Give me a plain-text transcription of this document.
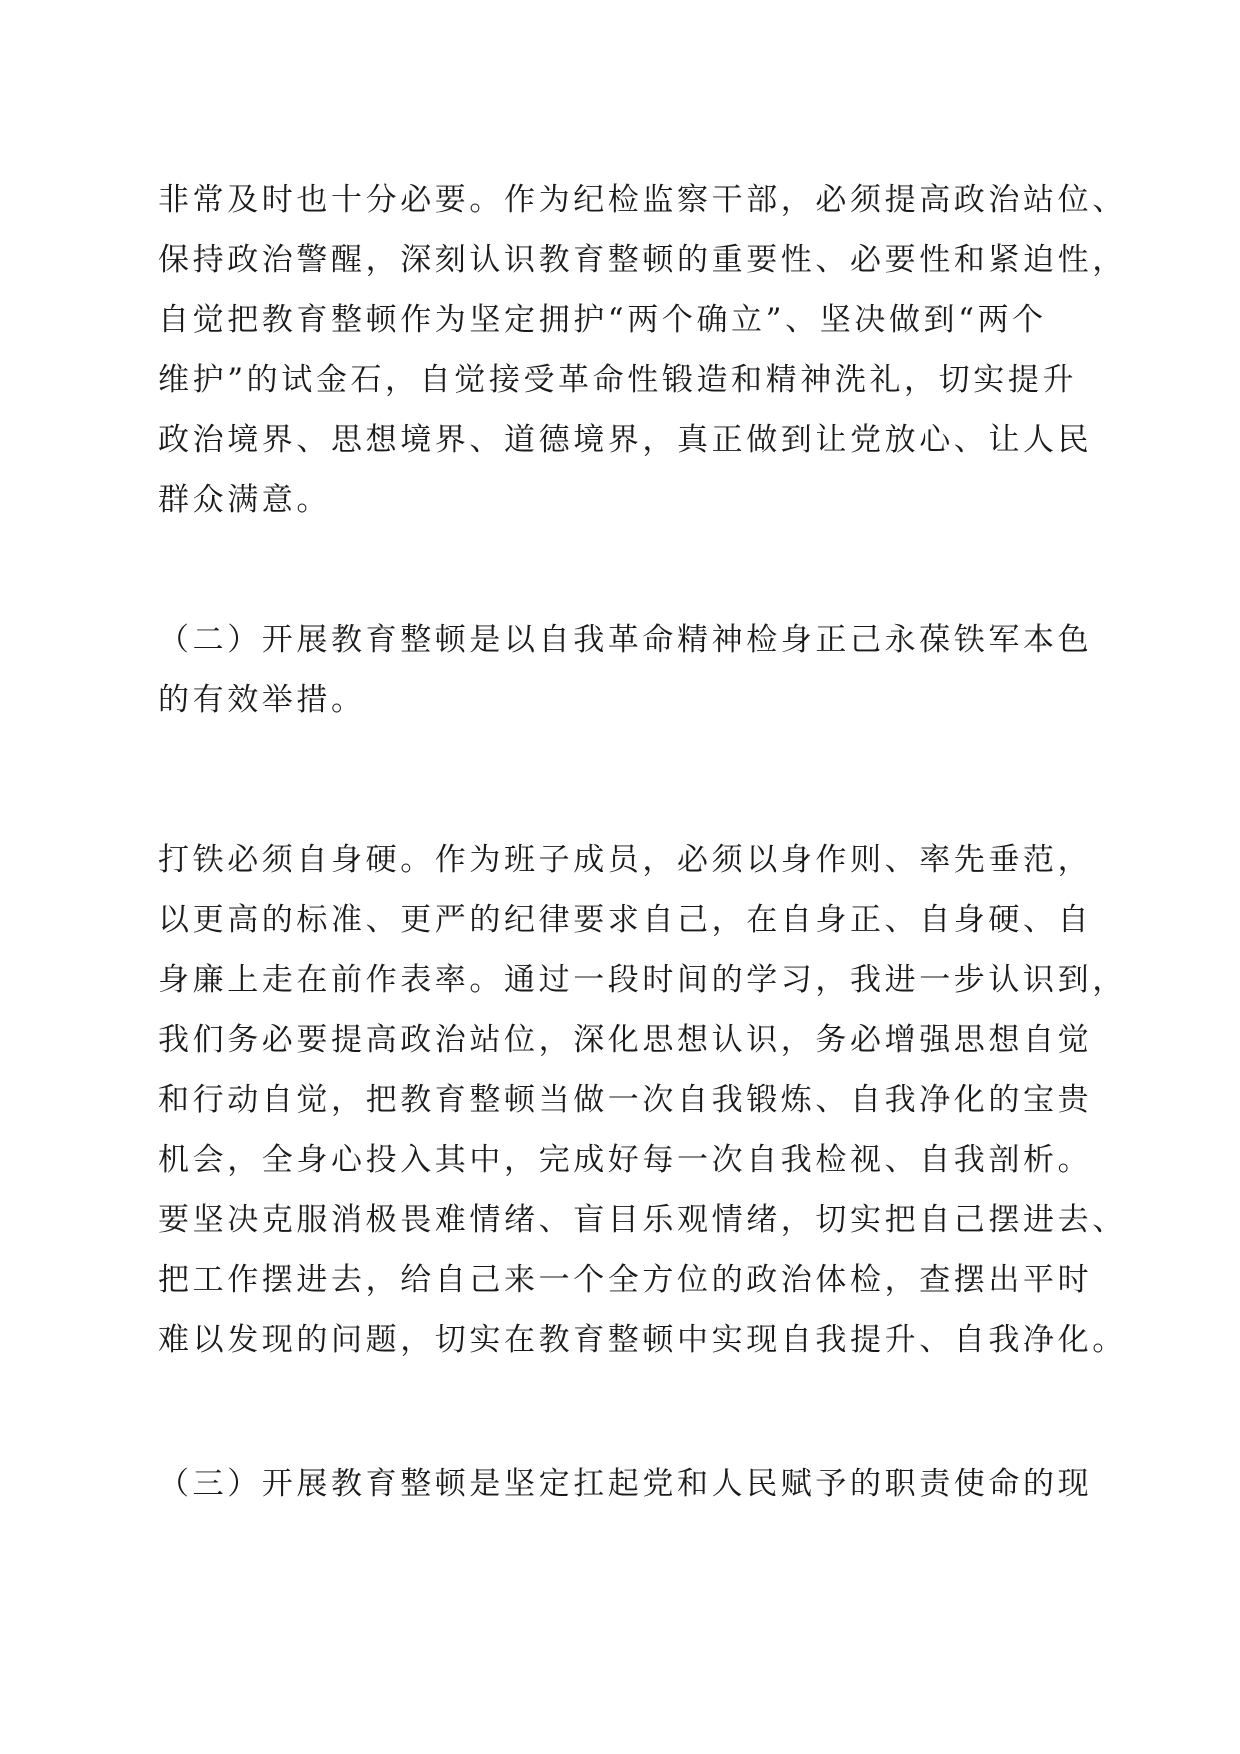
非常及时也十分必要。作为纪检监察干部，必须提高政治站位、

保持政治警醒，深刻认识教育整顿的重要性、必要性和紧迫性，

自觉把教育整顿作为坚定拥护“两个确立”、坚决做到“两个

维护”的试金石，自觉接受革命性锻造和精神洗礼，切实提升

政治境界、思想境界、道德境界，真正做到让党放心、让人民

群众满意。

（二）开展教育整顿是以自我革命精神检身正己永葆铁军本色

的有效举措。

打铁必须自身硬。作为班子成员，必须以身作则、率先垂范，

以更高的标准、更严的纪律要求自己，在自身正、自身硬、自

身廉上走在前作表率。通过一段时间的学习，我进一步认识到，

我们务必要提高政治站位，深化思想认识，务必增强思想自觉

和行动自觉，把教育整顿当做一次自我锻炼、自我净化的宝贵

机会，全身心投入其中，完成好每一次自我检视、自我剖析。

要坚决克服消极畏难情绪、盲目乐观情绪，切实把自己摆进去、

把工作摆进去，给自己来一个全方位的政治体检，查摆出平时

难以发现的问题，切实在教育整顿中实现自我提升、自我净化。

（三）开展教育整顿是坚定扛起党和人民赋予的职责使命的现
